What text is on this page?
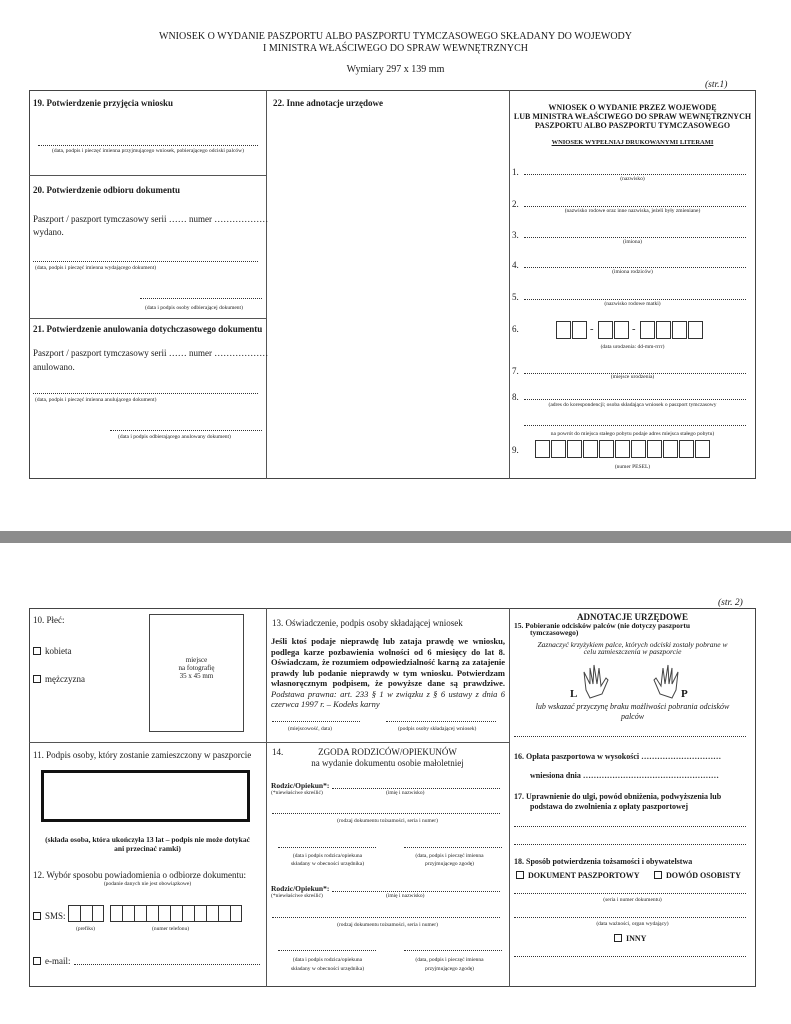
WNIOSEK O WYDANIE PASZPORTU ALBO PASZPORTU TYMCZASOWEGO SKŁADANY DO WOJEWODY
I MINISTRA WŁAŚCIWEGO DO SPRAW WEWNĘTRZNYCH
Wymiary 297 x 139 mm
(str.1)
19. Potwierdzenie przyjęcia wniosku
(data, podpis i pieczęć imienna przyjmującego wniosek, pobierającego odciski palców)
20. Potwierdzenie odbioru dokumentu
Paszport / paszport tymczasowy serii …… numer ………………
wydano.
(data, podpis i pieczęć imienna wydającego dokument)
(data i podpis osoby odbierającej dokument)
21. Potwierdzenie anulowania dotychczasowego dokumentu
Paszport / paszport tymczasowy serii …… numer ………………
anulowano.
(data, podpis i pieczęć imienna anulującego dokument)
(data i podpis odbierającego anulowany dokument)
22. Inne adnotacje urzędowe	WNIOSEK O WYDANIE PRZEZ WOJEWODĘ
LUB MINISTRA WŁAŚCIWEGO DO SPRAW WEWNĘTRZNYCH
PASZPORTU ALBO PASZPORTU TYMCZASOWEGO
WNIOSEK WYPEŁNIAJ DRUKOWANYMI LITERAMI
1.
(nazwisko)
2.
(nazwisko rodowe oraz inne nazwiska, jeżeli były zmieniane)
3.
(imiona)
4.
(imiona rodziców)
5.
(nazwisko rodowe matki)
6.	-	-
(data urodzenia: dd-mm-rrrr)
7.
(miejsce urodzenia)
8.
(adres do korespondencji; osoba składająca wniosek o paszport tymczasowy
na powrót do miejsca stałego pobytu podaje adres miejsca stałego pobytu)
9.
(numer PESEL)
(str. 2)
10. Płeć:
kobieta
mężczyzna
miejsce
na fotografię
35 x 45 mm
11. Podpis osoby, który zostanie zamieszczony w paszporcie
(składa osoba, która ukończyła 13 lat – podpis nie może dotykać
ani przecinać ramki)
12. Wybór sposobu powiadomienia o odbiorze dokumentu:
(podanie danych nie jest obowiązkowe)
SMS:
(prefiks)	(numer telefonu)
e-mail:
13. Oświadczenie, podpis osoby składającej wniosek
Jeśli ktoś podaje nieprawdę lub zataja prawdę we wniosku, podlega karze pozbawienia wolności od 6 miesięcy do lat 8. Oświadczam, że rozumiem odpowiedzialność karną za zatajenie prawdy lub podanie nieprawdy w tym wniosku. Potwierdzam własnoręcznym podpisem, że powyższe dane są prawdziwe. Podstawa prawna: art. 233 § 1 w związku z § 6 ustawy z dnia 6 czerwca 1997 r. – Kodeks karny
(miejscowość, data)	(podpis osoby składającej wniosek)
14.	ZGODA RODZICÓW/OPIEKUNÓW
na wydanie dokumentu osobie małoletniej
Rodzic/Opiekun*:
(*niewłaściwe skreślić)	(imię i nazwisko)
(rodzaj dokumentu tożsamości, seria i numer)
(data i podpis rodzica/opiekuna
składany w obecności urzędnika)
(data, podpis i pieczęć imienna
przyjmującego zgodę)
Rodzic/Opiekun*:
(*niewłaściwe skreślić)	(imię i nazwisko)
(rodzaj dokumentu tożsamości, seria i numer)
(data i podpis rodzica/opiekuna
składany w obecności urzędnika)
(data, podpis i pieczęć imienna
przyjmującego zgodę)
ADNOTACJE URZĘDOWE
15. Pobieranie odcisków palców (nie dotyczy paszportu
tymczasowego)
Zaznaczyć krzyżykiem palce, których odciski zostały pobrane w
celu zamieszczenia w paszporcie
L	P
lub wskazać przyczynę braku możliwości pobrania odcisków
palców
16. Opłata paszportowa w wysokości …………………………
wniesiona dnia ……………………………………………
17. Uprawnienie do ulgi, powód obniżenia, podwyższenia lub
podstawa do zwolnienia z opłaty paszportowej
18. Sposób potwierdzenia tożsamości i obywatelstwa
DOKUMENT PASZPORTOWY	DOWÓD OSOBISTY
(seria i numer dokumentu)
(data ważności, organ wydający)
INNY
